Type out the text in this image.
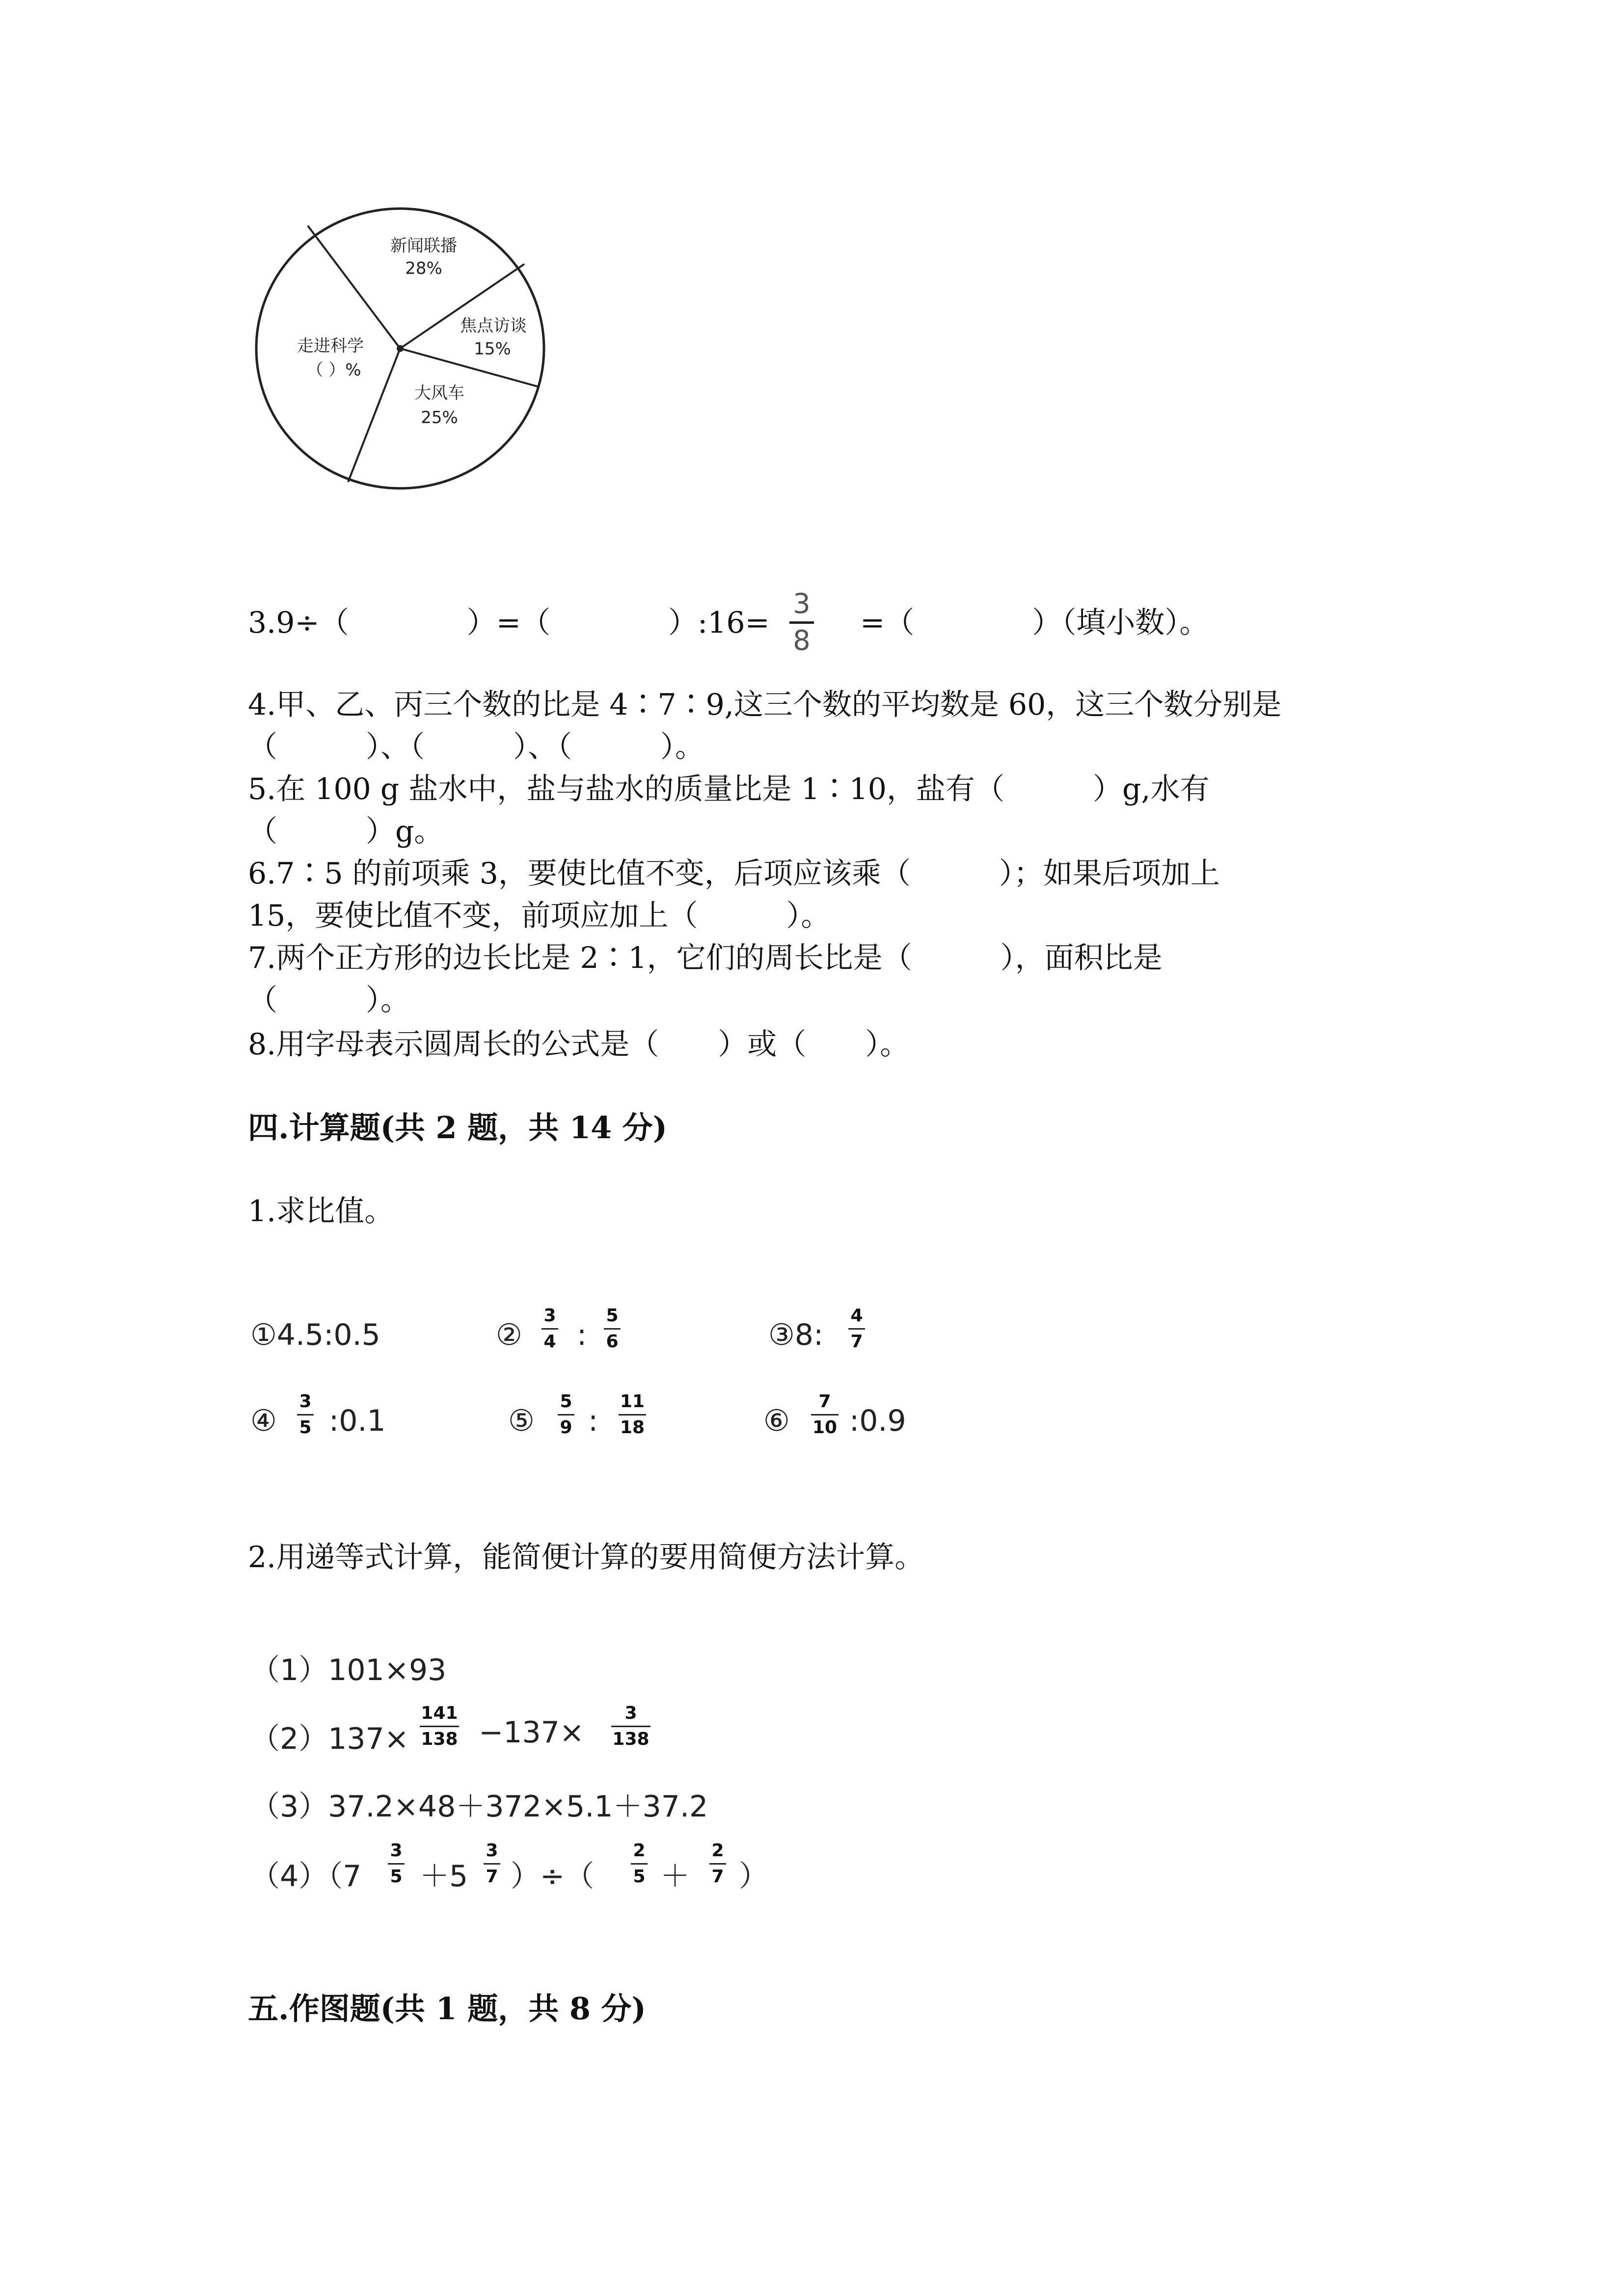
新闻联播
28%
焦点访谈
15%
大风车
25%
走进科学
（ ）%
3.9÷（　　　　）=（　　　　）:16=
3
8
=（　　　　）（填小数）。
4.甲、乙、丙三个数的比是 4∶7∶9,这三个数的平均数是 60，这三个数分别是
（　　　）、（　　　）、（　　　）。
5.在 100 g 盐水中，盐与盐水的质量比是 1∶10，盐有（　　　）g,水有
（　　　）g。
6.7∶5 的前项乘 3，要使比值不变，后项应该乘（　　　）；如果后项加上
15，要使比值不变，前项应加上（　　　）。
7.两个正方形的边长比是 2∶1，它们的周长比是（　　　），面积比是
（　　　）。
8.用字母表示圆周长的公式是（　　）或（　　）。
四.计算题(共 2 题，共 14 分)
1.求比值。
①4.5:0.5	②
3
4 :
5
6	③8:
4
7
④
3
5 :0.1	⑤
5
9 :
11
18	⑥
7
10 :0.9
2.用递等式计算，能简便计算的要用简便方法计算。
（1）101×93
（2）137×
141
138 −137×
3
138
（3）37.2×48＋372×5.1＋37.2
（4）（7
3
5 ＋5
3
7 ）÷（
2
5 ＋
2
7 ）
五.作图题(共 1 题，共 8 分)
